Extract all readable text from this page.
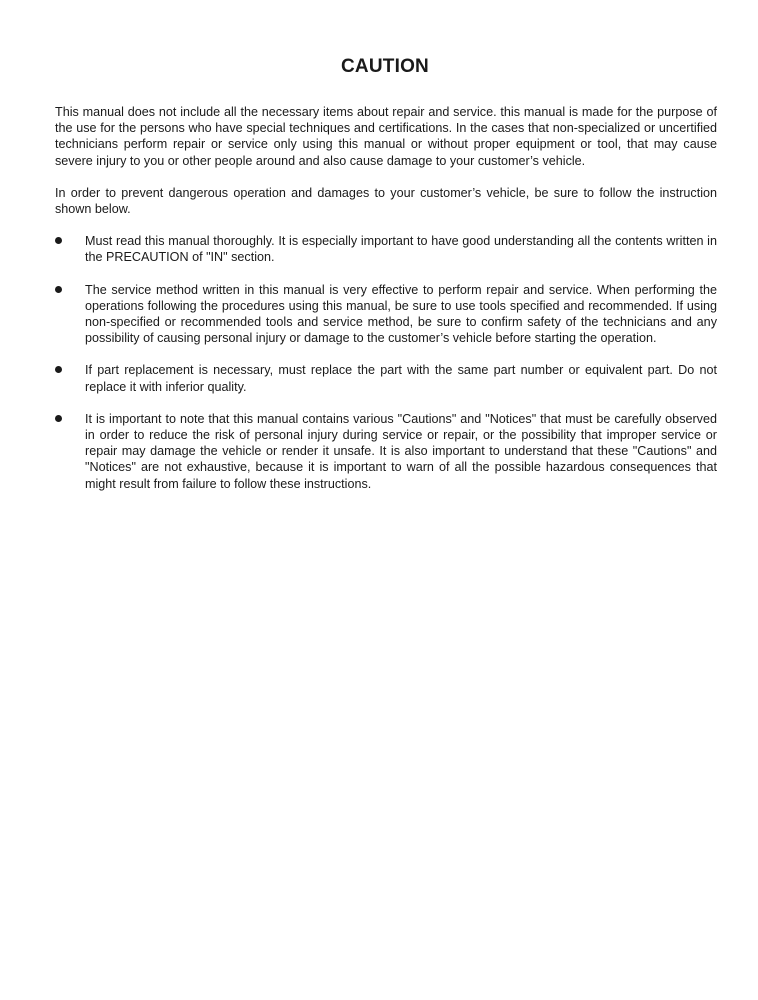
CAUTION

This manual does not include all the necessary items about repair and service. this manual is made for the purpose of the use for the persons who have special techniques and certifications. In the cases that non-specialized or uncertified technicians perform repair or service only using this manual or without proper equipment or tool, that may cause severe injury to you or other people around and also cause damage to your customer’s vehicle.

In order to prevent dangerous operation and damages to your customer’s vehicle, be sure to follow the instruction shown below.

Must read this manual thoroughly. It is especially important to have good understanding all the contents written in the PRECAUTION of "IN" section.
The service method written in this manual is very effective to perform repair and service. When performing the operations following the procedures using this manual, be sure to use tools specified and recommended. If using non-specified or recommended tools and service method, be sure to confirm safety of the technicians and any possibility of causing personal injury or damage to the customer’s vehicle before starting the operation.
If part replacement is necessary, must replace the part with the same part number or equivalent part. Do not replace it with inferior quality.
It is important to note that this manual contains various "Cautions" and "Notices" that must be carefully observed in order to reduce the risk of personal injury during service or repair, or the possibility that improper service or repair may damage the vehicle or render it unsafe. It is also important to understand that these "Cautions" and "Notices" are not exhaustive, because it is important to warn of all the possible hazardous consequences that might result from failure to follow these instructions.
